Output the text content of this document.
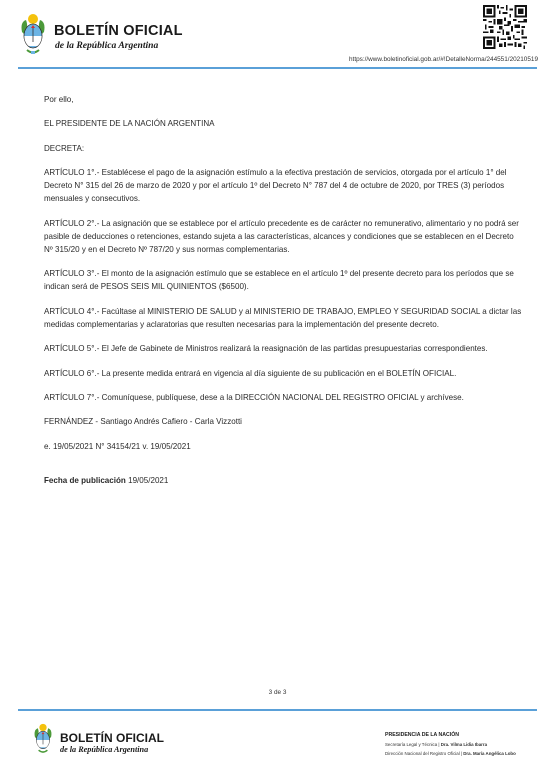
BOLETÍN OFICIAL
de la República Argentina
https://www.boletinoficial.gob.ar/#!DetalleNorma/244551/20210519

Por ello,

EL PRESIDENTE DE LA NACIÓN ARGENTINA

DECRETA:

ARTÍCULO 1°.- Establécese el pago de la asignación estímulo a la efectiva prestación de servicios, otorgada por el artículo 1° del Decreto N° 315 del 26 de marzo de 2020 y por el artículo 1º del Decreto N° 787 del 4 de octubre de 2020, por TRES (3) períodos mensuales y consecutivos.

ARTÍCULO 2°.- La asignación que se establece por el artículo precedente es de carácter no remunerativo, alimentario y no podrá ser pasible de deducciones o retenciones, estando sujeta a las características, alcances y condiciones que se establecen en el Decreto Nº 315/20 y en el Decreto Nº 787/20 y sus normas complementarias.

ARTÍCULO 3°.- El monto de la asignación estímulo que se establece en el artículo 1º del presente decreto para los períodos que se indican será de PESOS SEIS MIL QUINIENTOS ($6500).

ARTÍCULO 4°.- Facúltase al MINISTERIO DE SALUD y al MINISTERIO DE TRABAJO, EMPLEO Y SEGURIDAD SOCIAL a dictar las medidas complementarias y aclaratorias que resulten necesarias para la implementación del presente decreto.

ARTÍCULO 5°.- El Jefe de Gabinete de Ministros realizará la reasignación de las partidas presupuestarias correspondientes.

ARTÍCULO 6°.- La presente medida entrará en vigencia al día siguiente de su publicación en el BOLETÍN OFICIAL.

ARTÍCULO 7°.- Comuníquese, publíquese, dese a la DIRECCIÓN NACIONAL DEL REGISTRO OFICIAL y archívese.

FERNÁNDEZ - Santiago Andrés Cafiero - Carla Vizzotti

e. 19/05/2021 N° 34154/21 v. 19/05/2021

Fecha de publicación 19/05/2021

3 de 3
BOLETÍN OFICIAL
de la República Argentina
PRESIDENCIA DE LA NACIÓN
Secretaría Legal y Técnica | Dra. Vilma Lidia Ibarra
Dirección Nacional del Registro Oficial | Dra. María Angélica Lobo
